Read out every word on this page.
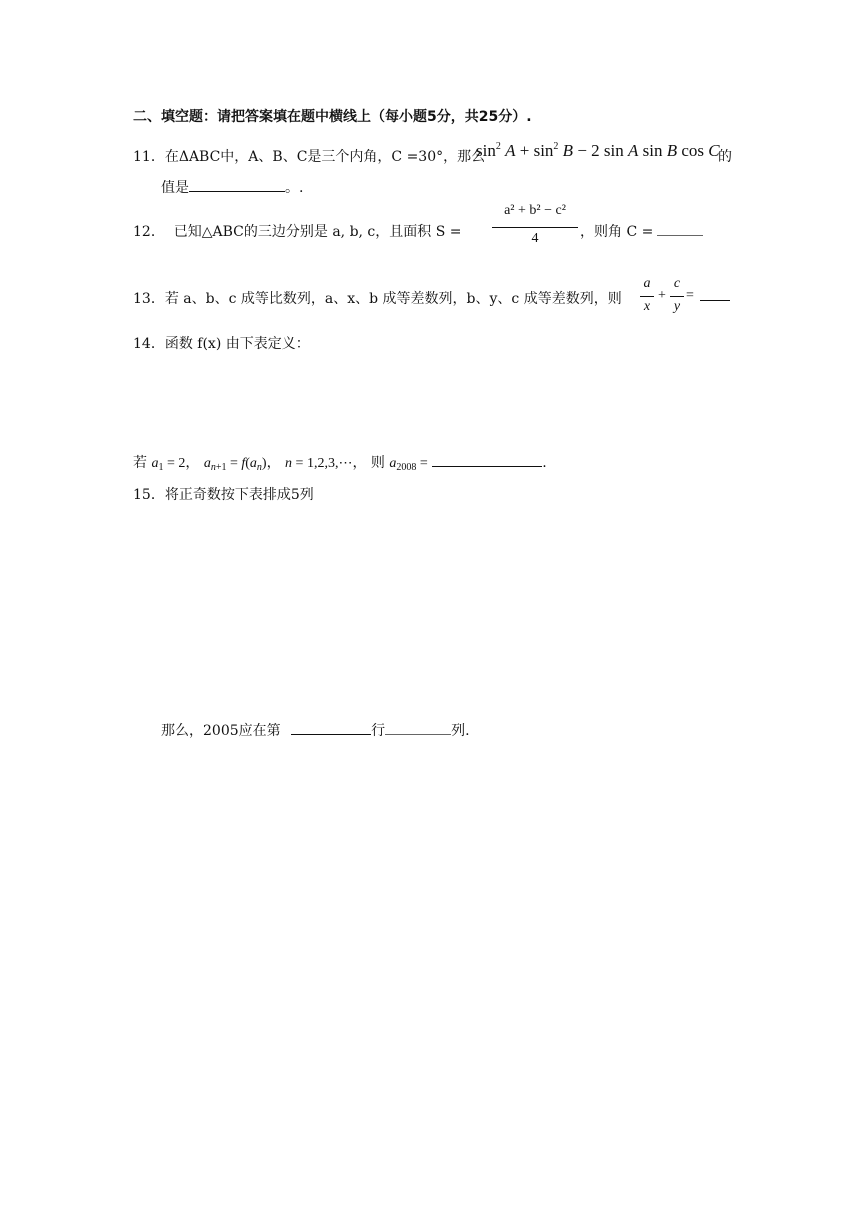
二、填空题：请把答案填在题中横线上（每小题5分，共25分）.
11．在ΔABC中，A、B、C是三个内角，C =30°，那么
$\sin^2 A + \sin^2 B - 2$ sin A sin B cos C
的
值是	。.
12． 已知△ABC的三边分别是 a, b, c，且面积 S =
a² + b² − c²
4	，则角 C =
13．若 a、b、c 成等比数列，a、x、b 成等差数列，b、y、c 成等差数列，则
a
x
+
c
y
=
14．函数 f(x) 由下表定义：
若 $a_1 = 2$， $a_{n+1} = f(a_n)$， n = 1,2,3,⋯， 则 $a_{2008}$ =	.
15．将正奇数按下表排成5列
那么，2005应在第	行	列.
